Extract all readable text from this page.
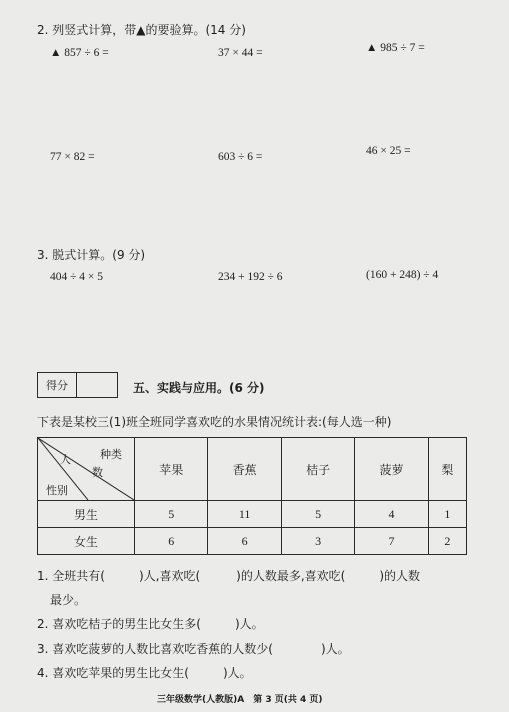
2. 列竖式计算，带▲的要验算。(14 分)
▲ 857 ÷ 6 =	37 × 44 =	▲ 985 ÷ 7 =
77 × 82 =	603 ÷ 6 =	46 × 25 =
3. 脱式计算。(9 分)
404 ÷ 4 × 5	234 + 192 ÷ 6	(160 + 248) ÷ 4
得分	五、实践与应用。(6 分)
下表是某校三(1)班全班同学喜欢吃的水果情况统计表:(每人选一种)
种类
人
数
性别	苹果	香蕉	桔子	菠萝	梨
男生	5	11	5	4	1
女生	6	6	3	7	2
1. 全班共有(	)人,喜欢吃(	)的人数最多,喜欢吃(	)的人数
最少。
2. 喜欢吃桔子的男生比女生多(	)人。
3. 喜欢吃菠萝的人数比喜欢吃香蕉的人数少(	)人。
4. 喜欢吃苹果的男生比女生(	)人。
三年级数学(人教版)A　第 3 页(共 4 页)
